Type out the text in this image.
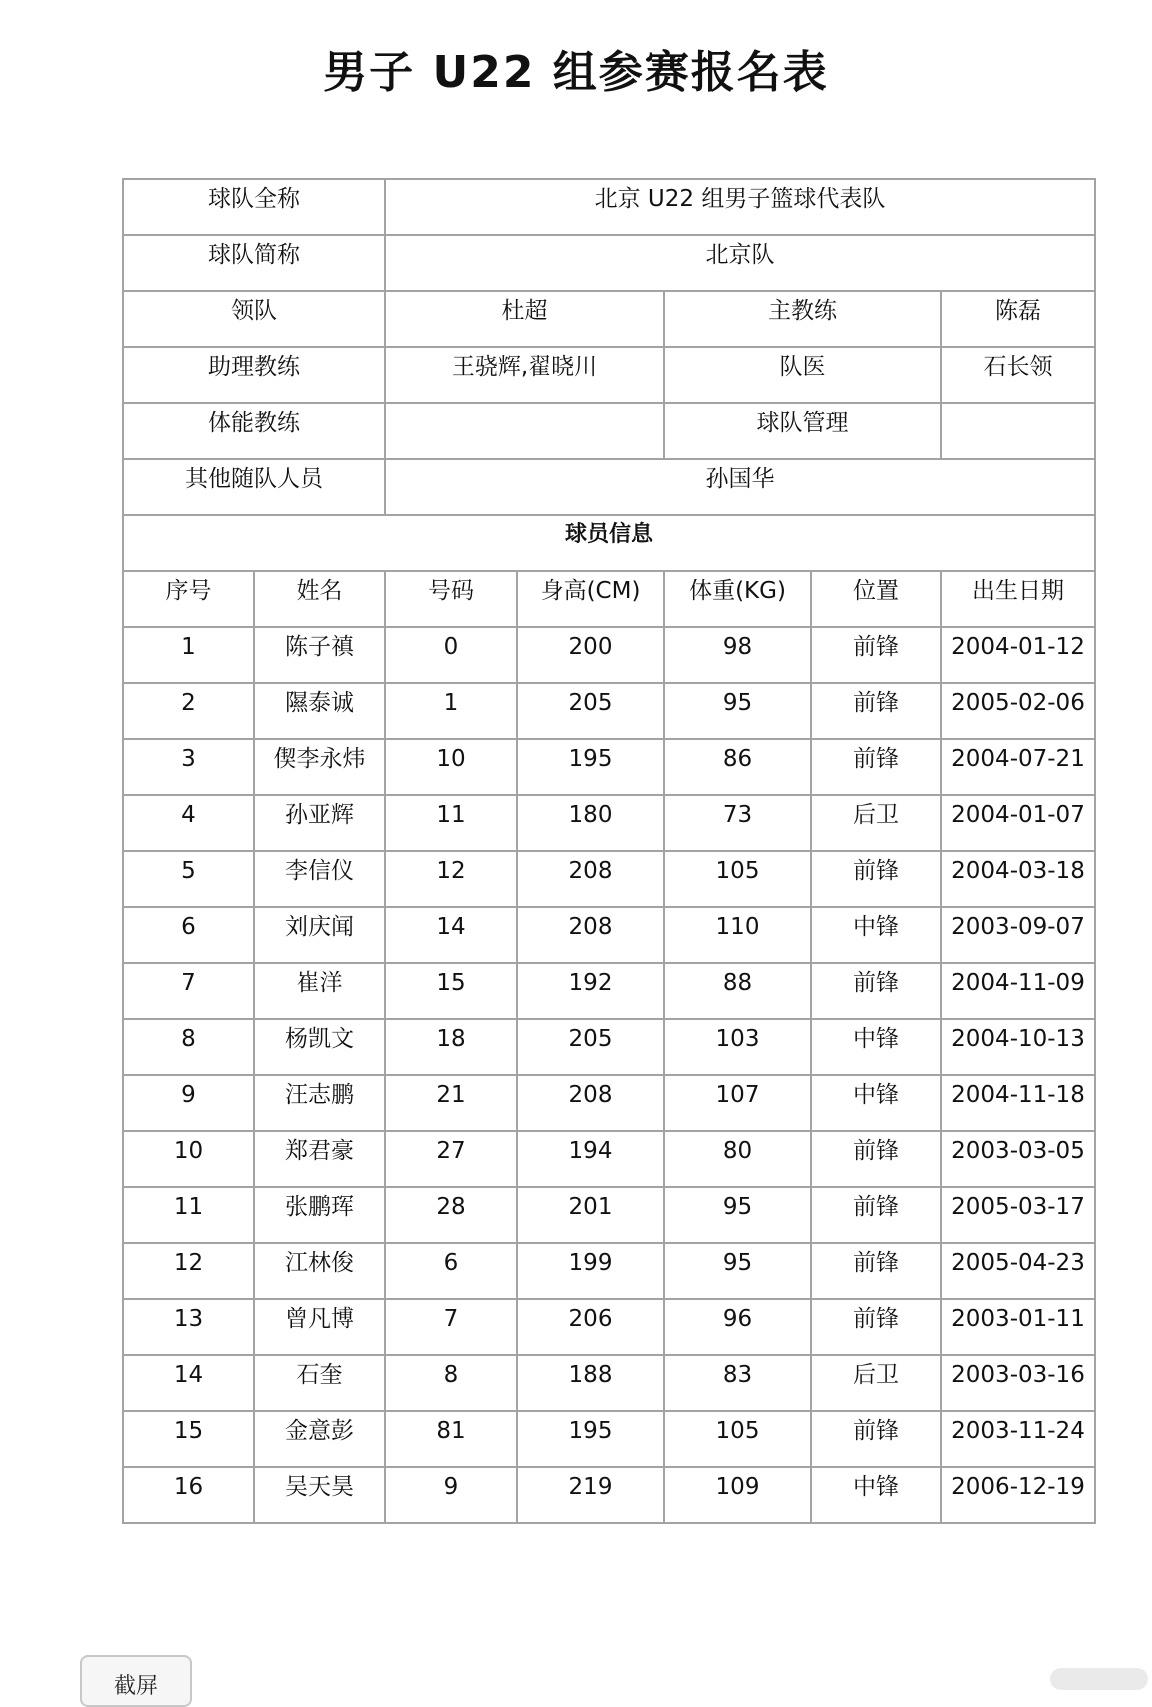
男子 U22 组参赛报名表
球队全称		北京 U22 组男子篮球代表队				
球队简称		北京队				
领队		杜超		主教练		陈磊
助理教练		王骁辉,翟晓川		队医		石长领
体能教练				球队管理		
其他随队人员		孙国华				
球员信息						
序号	姓名	号码	身高(CM)	体重(KG)	位置	出生日期
1	陈子禛	0	200	98	前锋	2004-01-12
2	隰泰诚	1	205	95	前锋	2005-02-06
3	偰李永炜	10	195	86	前锋	2004-07-21
4	孙亚辉	11	180	73	后卫	2004-01-07
5	李信仪	12	208	105	前锋	2004-03-18
6	刘庆闻	14	208	110	中锋	2003-09-07
7	崔洋	15	192	88	前锋	2004-11-09
8	杨凯文	18	205	103	中锋	2004-10-13
9	汪志鹏	21	208	107	中锋	2004-11-18
10	郑君豪	27	194	80	前锋	2003-03-05
11	张鹏珲	28	201	95	前锋	2005-03-17
12	江林俊	6	199	95	前锋	2005-04-23
13	曾凡博	7	206	96	前锋	2003-01-11
14	石奎	8	188	83	后卫	2003-03-16
15	金意彭	81	195	105	前锋	2003-11-24
16	吴天昊	9	219	109	中锋	2006-12-19
截屏
